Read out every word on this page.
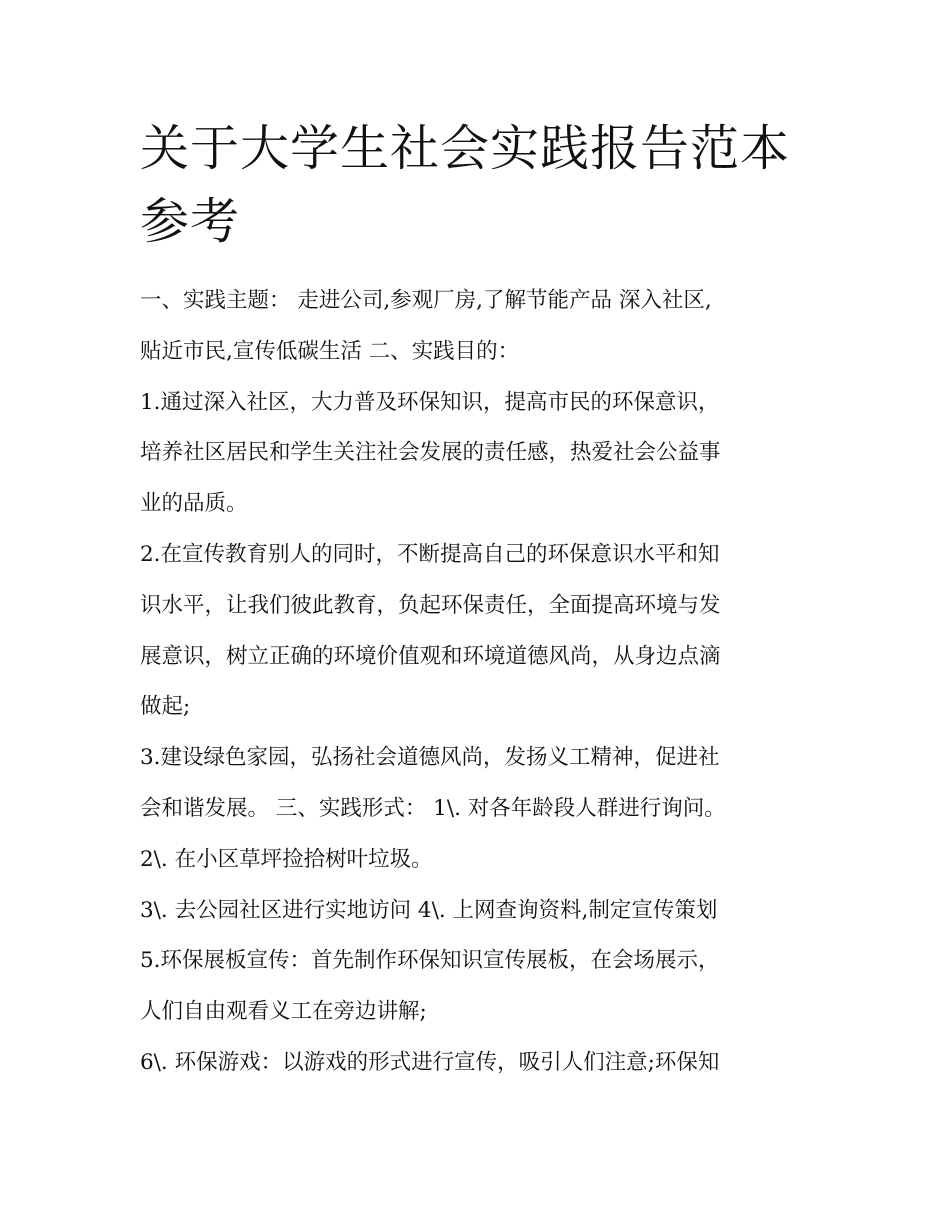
关于大学生社会实践报告范本
参考

一、实践主题： 走进公司,参观厂房,了解节能产品 深入社区,

贴近市民,宣传低碳生活 二、实践目的：

1.通过深入社区，大力普及环保知识，提高市民的环保意识，

培养社区居民和学生关注社会发展的责任感，热爱社会公益事

业的品质。

2.在宣传教育别人的同时，不断提高自己的环保意识水平和知

识水平，让我们彼此教育，负起环保责任，全面提高环境与发

展意识，树立正确的环境价值观和环境道德风尚，从身边点滴

做起;

3.建设绿色家园，弘扬社会道德风尚，发扬义工精神，促进社

会和谐发展。 三、实践形式： 1\. 对各年龄段人群进行询问。

2\. 在小区草坪捡拾树叶垃圾。

3\. 去公园社区进行实地访问 4\. 上网查询资料,制定宣传策划

5.环保展板宣传：首先制作环保知识宣传展板，在会场展示，

人们自由观看义工在旁边讲解;

6\. 环保游戏：以游戏的形式进行宣传，吸引人们注意;环保知
